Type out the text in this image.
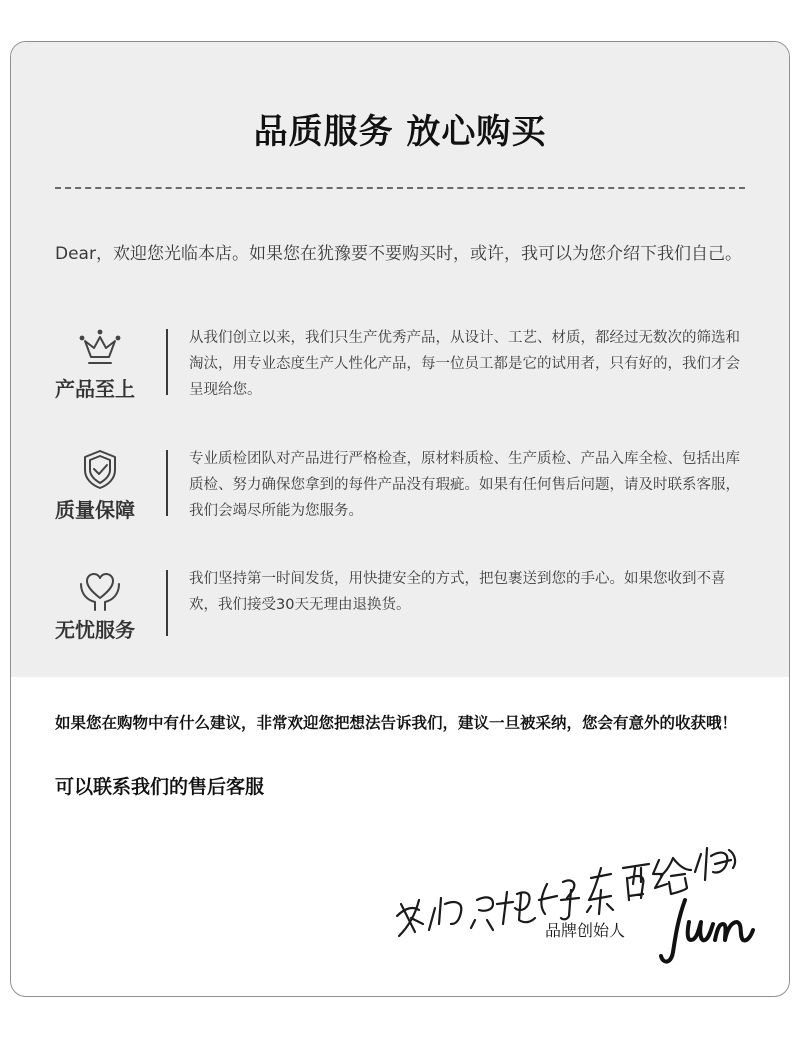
品质服务 放心购买

Dear，欢迎您光临本店。如果您在犹豫要不要购买时，或许，我可以为您介绍下我们自己。

产品至上

从我们创立以来，我们只生产优秀产品，从设计、工艺、材质，都经过无数次的筛选和淘汰，用专业态度生产人性化产品，每一位员工都是它的试用者，只有好的，我们才会呈现给您。

质量保障

专业质检团队对产品进行严格检查，原材料质检、生产质检、产品入库全检、包括出库质检、努力确保您拿到的每件产品没有瑕疵。如果有任何售后问题，请及时联系客服，我们会竭尽所能为您服务。

无忧服务

我们坚持第一时间发货，用快捷安全的方式，把包裹送到您的手心。如果您收到不喜欢，我们接受30天无理由退换货。

如果您在购物中有什么建议，非常欢迎您把想法告诉我们，建议一旦被采纳，您会有意外的收获哦！

可以联系我们的售后客服

品牌创始人
